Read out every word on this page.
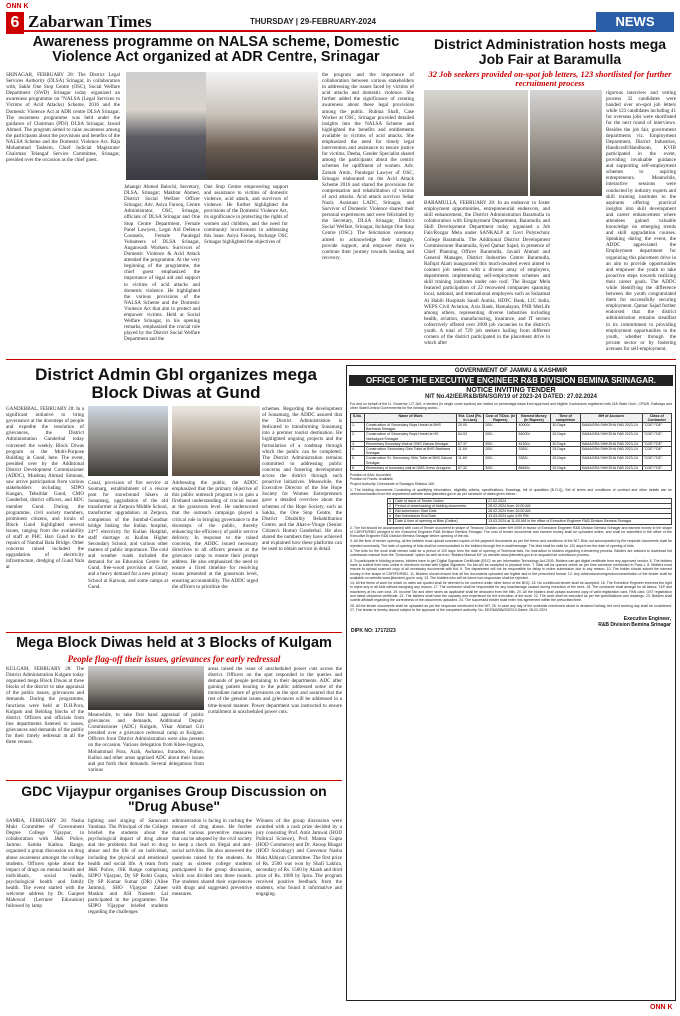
ONN K
6 Zabarwan Times	THURSDAY | 29-FEBRUARY-2024	NEWS
Awareness programme on NALSA scheme, Domestic Violence Act organized at ADR Centre, Srinagar
SRINAGAR, FEBRUARY 28: The District Legal Services Authority (DLSA) Srinagar, in collaboration with, Sakhi One Stop Centre (OSC), Social Welfare Department (SWD) Srinagar today organized an awareness programme on "NALSA (Legal Services to Victims of Acid Attacks) Scheme, 2016 and the Domestic Violence Act at ADR centre DLSA Srinagar. The awareness programme was held under the guidance of Chairman (PDJ) DLSA Srinagar, Jawad Ahmed. The program aimed to raise awareness among the participants about the provisions and benefits of the NALSA Scheme and the Domestic Violence Act. Raja Mohammad Tasleem, Chief Judicial Magistrate/ Chairman Telangaf Service Committee, Srinagar, presided over the occasion as the chief guest.
Jahangir Ahmed Balochi, Secretary, DLSA, Srinagar; Makhtar Ahmed, District Social Welfare Officer Srinagar; Adv. Asiya Farooq, Centre Administrator, OSC, Srinagar, officials of DLSA Srinagar and One Stop Centre Department, Female Panel Lawyers, Legal Aid Defence Counsels, Female Paralegal Volunteers of DLSA Srinagar, Anganwadi Workers. Survivors of Domestic Violence & Acid Attack attended the programme. At the very beginning of the programme, the chief guest emphasized the importance of legal aid and support to victims of acid attacks and domestic violence. He highlighted the various provisions of the NALSA Scheme and the Domestic Violence Act that aim to protect and empower victims. Held at Social Welfare Srinagar, in his opening remarks, emphasized the crucial role played by the District Social Welfare Department and the
One Stop Centre empowering support and assistance to victims of domestic violence, acid attack, and survivors of violence. He further highlighted the provisions of the Domestic Violence Act, its significance in protecting the rights of women and children, and the need for community involvement in addressing this issue. Asiya Farooq, Incharge OSC Srinagar highlighted the objectives of
the program and the importance of collaboration between various stakeholders in addressing the issues faced by victims of acid attacks and domestic violence. She further added the significance of creating awareness about these legal provisions among the public. Rubina Shafi, Case Worker at OSC, Srinagar provided detailed insights into the NALSA Scheme and highlighted the benefits and entitlements available to victims of acid attacks. She emphasized the need for timely legal intervention and assistance to ensure justice for victims. Deeba, Gender Specialist shared among the participants about the centric schemes for upliftment of women. Adv. Zainab Amin, Paralegal Lawyer of OSC, Srinagar elaborated on the Acid Attack Scheme 2016 and shared the provisions for compensation and rehabilitation of victims of acid attacks. Acid attack survivor Sehar Nazir, Assistant LADC, Srinagar, and Survivor of Domestic Violence shared their personal experiences and were felicitated by the Secretary, DLSA Srinagar, District Social Welfare, Srinagar, Incharge One Stop Centre (OSC). The felicitation ceremony aimed to acknowledge their struggle, provide support, and empower them to continue their journey towards healing and recovery.
District Administration hosts mega Job Fair at Baramulla
32 Job seekers provided on-spot job letters, 123 shortlisted for further recruitment process
BARAMULLA, FEBRUARY 28: In an endeavor to foster employment opportunities, entrepreneurial endeavors, and skill enhancement, the District Administration Baramulla in collaboration with Employment Department, Baramulla and Skill Development Department today organised a Job Fair/Rozgar Mela under SANKALP at Govt Polytechnic College Baramulla. The Additional District Development Commissioner Baramulla, Syed Qamar Sajad, in presence of Chief Planning Officer Baramulla, Javaid Ahmad and General Manager, District Industries Centre Baramulla, Rafiqat Alam inaugurated this much-awaited event aimed to connect job seekers with a diverse array of employers, departments implementing self-employment schemes and skill training institutes under one roof. The Rozgar Mela featured participation of 22 renowned companies spanning local, national, and international employers such as Sulzamat Al Habib Hospitals Saudi Arabia, HDFC Bank, LIC India, WEPS Civil Aviation, Axis Bank, Hamalayan, PNB MetLife among others, representing diverse industries including health, aviation, manufacturing, insurance, and IT sectors collectively offered over 2000 job vacancies to the district's youth. A total of 729 job seekers hailing from different corners of the district participated in the placement drive in which after
rigorous interview and vetting process 32 candidates were handed over on-spot job letters while 123 candidates including 41 for overseas jobs were shortlisted for the next round of interviews. Besides the job fair, government departments viz. Employment Department, District Industries, Handicraft/Handloom, KVIB participated in the event, providing invaluable guidance and supporting self-employment schemes to aspiring entrepreneurs. Meanwhile, interactive sessions were conducted by industry experts and skill training institutes to the aspirants offering practical insights into skill development and career enhancement where attendees gained valuable knowledge on emerging trends and skill upgradation courses. Speaking during the event, the ADDC appreciated the Employment department for organizing this placement drive in an aim to provide opportunities and empower the youth to take proactive steps towards realizing their career goals. The ADDC while identifying the difference between the youth congratulated them for successfully securing employment. Qamar Sajad further endorsed that the district administration remains steadfast in its commitment to providing employment opportunities to the youth, whether through the private sector or by fostering avenues for self-employment.
District Admin Gbl organizes mega Block Diwas at Gund
GANDERBAL, FEBRUARY 28: In a significant initiative to bring governance at the doorsteps of people and expedite the resolution of grievances, the District Administration Ganderbal today convened the weekly Block Diwas program at the Multi-Purpose Building in Gund, here. The event, presided over by the Additional District Development Commissioner (ADDC), Mushtaq Ahmad Simnani, saw active participation from various stakeholders including SDPO Kangan, Tehsildar Gund, CMO Ganderbal, district officers, and BDC member Gund. During the programme, civil society members, prominent citizens, and locals of Block Gund highlighted several issues, ranging from the availability of staff at PHC Hari Gund to the repairs of Nambal Bala Bridge. Other concerns raised included the upgradation of electricity infrastructure, dredging of Gund Nala at
Canal, provision of fire service at Soumarg, establishment of a rescue post for snowbound hikers at Sonamarg, upgradation of the old transformer at Zerpora Middle School, transformer upgradation at Zerpora, completion of the Sumbal-Gundnar bridge linking the Indian hospital, 24*7 electricity for Kullan Hospital, staff shortage at Kullan Higher Secondary School, and various other matters of public importance. The cold and weather roads included the demand for an Education Centre for Gund, free-wood provision at Gund, and a heavy demand for a new primary School at Karwan, and some camps at Gund.
Addressing the public, the ADDC emphasized that the primary objective of this public outreach program is to gain a firsthand understanding of crucial issues at the grassroots level. He underscored that the outreach campaign played a critical role in bringing governance to the doorsteps of the public, thereby enhancing the efficiency of public service delivery. In response to the raised concerns, the ADDC issued necessary directives to all officers present at the grievance camp to ensure their prompt address. He also emphasized the need to ensure a fixed timeline for resolving issues presented at the grassroots level, ensuring accountability. The ADDC urged the officers to prioritize the
schemes. Regarding the development of Sonamarg, the ADDC assured that the District Administration is dedicated to transforming Sonamarg into a premier tourist destination. He highlighted ongoing projects and the formulation of a roadmap through which the public can be completed. The District Administration remains committed to addressing public concerns and fostering development across the district through such proactive initiatives. Meanwhile, the Executive Director of the She Hope Society for Women Entrepreneurs gave a detailed overview about the schemes of the Hope Society, such as Sakha, the One Stop Centre, the District Disability Rehabilitation Centre, and the Ahat-e-Virage (Senior Citizen's Home) Ganderbal. He also shared the numbers they have achieved and explained how these platforms can be used to obtain service in detail.
Mega Block Diwas held at 3 Blocks of Kulgam
People flag-off their issues, grievances for early redressal
KULGAM, FEBRUARY 28: The District Administration Kulgam today organised mega Block Diwas at three blocks of the district to take appraisal of the public issues, grievances and demands. During the programme, functions were held at D.H.Pora, Kulgam and Behibag blocks of the district. Officers and officials from line departments listened to issues, grievances and demands of the public for their timely redressal at all the three venues.
Meanwhile, to take first hand appraisal of public grievances and demands, Additional Deputy Commissioner (ADC) Kulgam, Vikar Ahmad Giri presided over a grievance redressal camp at Kulgam. Officers from District Administration were also present on the occasion. Various delegation from Khee-Jogpora, Mohammad Pora, Arah, Awhatoo, Iraradoo, Palloo, Kalloo and other areas apprised ADC about their issues and put forth their demands. Several delegations from various
areas raised the issue of unscheduled power cuts across the district. Officers on the spot responded to the queries and demands of people pertaining to their departments. ADC after gaining patient hearing to the public addressed some of the immediate nature of grievances on the spot and assured that the rest of the genuine issues and grievances will be addressed in a time-bound manner. Power department was instructed to ensure curtailment in unscheduled power cuts.
GDC Vijaypur organises Group Discussion on "Drug Abuse"
SAMBA, FEBRUARY 28: Nasha Mukt Committee of Government Degree College Vijaypur, in collaboration with J&K Police, Jammu Samba Kathua Range, organized a group discussion on drug abuse awareness amongst the college students. Officers spoke about the impact of drugs on mental health and individuals, social health, psychological health and family health. The event started with the welcome address by Dr. Ganjeet Mahowal (Lecturer Education) followed by lamp
lighting and singing of Saraswati Vandana. The Principal of the College briefed the students about the psychological impact of drug abuse and the problems that lead to drug abuse and the life of an individual, including the physical and emotional health and social life. A team from J&K Police, JSK Range comprising SDPO Vijaypur, Dy SP Rohit Gupta, Dy SP Kumar Sumar (DR) (Ailee Jammu), SHO Vijaypur Zaheer Maskin and ASI Nazeem Lal participated in the programme. The SDPO Vijaypur briefed students regarding the challenges
administration is facing in curbing the menace of drug abuse. He further shared various preventive measures that can be adopted by the civil society to keep a check on illegal and anti-social activities. He also answered the questions raised by the students. As many as sixteen college students participated in the group discussion, which was divided into three rounds. The students shared their experiences with drugs and suggested preventive measures.
Winners of the group discussion were awarded with a cash prize decided by a jury consisting Prof. Amit Jamwal (HOD Political Science), Prof. Mamta Gupta (HOD Commerce) and Dr. Anoop Bhagat (HOD Sociology) and Convenor Nasha Mukt Abhiyan Committee. The first prize of Rs. 2500 was won by Shafi Lakhra, secondary of Rs. 1500 by Akash and third prize of Rs. 1000 by Ipira. The program received positive feedback from the students, who found it informative and engaging.
GOVERNMENT OF JAMMU & KASHMIR
OFFICE OF THE EXECUTIVE ENGINEER R&B DIVISION BEMINA SRINAGAR.
NOTICE INVITING TENDER
NIT No.42/EE/R&B/BN/SGR/19 of 2023-24 DATED: 27.02.2024
For and on behalf of the Lt. Governor, UT J&K, e-tenders (in single cover system) are invited on percentage basis from approved and eligible Contractors registered with J&K State Govt., CPWD, Railways and other State/Central Governments for the following works:-
S.No.	Name of Work	Est. Cost (Rs. in Lacs)	Cost of T/Doc. (In Rupees)	Earnest Money (In Rupees)	Time of completion	MH of Account	Class of Contractor
1.	Construction of Secondary Boys Hostel at BHS Barthana Srinagar.	20.00	200/-	40000/-	30 Days	SAMAGRA SHIKSHA FAB 2023-24	"CDE"/"DE"
2.	Construction of Secondary Boys Hostel at HS Narbalguni Srinagar.	64.53	200/-	64000/-	30 Days	SAMAGRA SHIKSHA FAB 2023-24	"CDE"/"DE"
3.	Elementary Boundary Wall at GMS Zakura Srinagar.	67.37	300/-	81300/-	30 Days	SAMAGRA SHIKSHA FAB 2023-24	"CDE"/"DE"
4.	Construction Secondary Girls Toilet at BHS Barthana Srinagar.	11.69	200/-	3383/-	25 Days	SAMAGRA SHIKSHA FAB 2023-24	"CDE"/"DE"
5.	Construction Sr. Secondary Girls Toilet at BHS Zakura Srinagar.	11.69	200/-	3383/-	25 Days	SAMAGRA SHIKSHA FAB 2023-24	"CDE"/"DE"
6.	Elementary of boundary wall at GMS Grevu Anugund	67.32	300/-	86645/-	30 Days	SAMAGRA SHIKSHA FAB 2023-24	"CDE"/"DE"
Position of AAA: Accorded
Position of Funds: Available
Project Authority: Directorate of Samagra Shiksha J&K.
1. The bidding documents Consisting of qualifying information, eligibility criteria, specifications, Drawings, bill of quantities (B.O.Q), Set of terms and conditions of contract and other details can be seen/downloaded from the department website www.jktenders.gov.in as per schedule of dates given below:-
1	Date of Issue of Tender Notice	27.02.2024
2	Period of downloading of bidding documents	28.02.2024 from 10:00 AM
3	Bid submission Start Date	28.02.2024 from 10:00 AM
4	Bid Submission End Date	13.03.2024 upto 4:00 PM
5	Date & time of opening of Bids (Online)	13.03.2024 at 11:00 AM in the office of Executive Engineer R&B Division Bemina Srinagar.
2. The bid should be accompanied with cost of Tender document in shape of Treasury Challan under MH 0059 in favour of Executive Engineer R&B Division Bemina Srinagar and earnest money in the shape of CDR/FDR/BG pledged to the Executive Engineer R&B Division Bemina Srinagar. The cost of tender documents and earnest money shall be uploaded online, and shall be submitted in the office of the Executive Engineer R&B Division Bemina Srinagar before opening of the bid.
3. All the time of tender opening, all the bidders must upload scanned copies of the payment documents as per the terms and conditions of the NIT. Bids not accompanied by the requisite documents shall be rejected summarily. The date of opening of bids shall be communicated to the bidders through the e-mail/message. The bids shall be valid for 120 days from the date of opening of bids.
4. The bids for the work shall remain valid for a period of 120 days from the date of opening of Technical bids. No Instruction to bidders regarding e-tendering process. Bidders are advised to download bid submission manual from the "Downloads" option as well as from "Bidders Manual Kit" on website www.jktenders.gov.in to acquaint bid submission process.
5. To participate in bidding process, bidders have to get 'Digital Signature Certificate (DSC)' as per Information Technology Act-2000. Bidders can get digital certificate from any approved vendor. 6. The bidders have to submit their bids online in electronic format with Digital Signature. No bid will be accepted in physical form. 7. Bids will be opened online as per time schedule mentioned in Para-1. 8. Bidders must ensure to upload scanned copy of all necessary documents with bid. 9. The department will not be responsible for delay in online submission due to any reason. 10. The bidder should submit the earnest money in the shape of CDR/FDR/BG. 11. Bidders should ensure that all the documents uploaded are legible and in the prescribed format. 12. Any addendum/corrigendum/cancellation of the tender shall be available on website www.jktenders.gov.in only. 13. The bidders who will be found non-responsive shall be rejected.
14. All the items of work for which no rates are quoted shall be deemed to be covered under other items of the BOQ. 15. No conditional tender shall be accepted. 16. The Executive Engineer reserves the right to reject any or all bids without assigning any reason. 17. The contractor shall be responsible for any loss/damage caused during execution of the work. 18. The contractor shall arrange for all labour, T&P and machinery at his own cost. 19. Income Tax and other taxes as applicable shall be deducted from the bills. 20. All the bidders shall upload scanned copy of valid registration card, PAN card, GST registration and latest clearance certificate. 21. The bidders shall have the capacity and experience for the execution of the work. 22. The work shall be executed as per the specifications and drawings. 23. Bidders shall submit affidavit regarding the correctness of the documents uploaded. 24. The successful bidder shall enter into agreement within the prescribed time.
25. All the tender documents shall be uploaded as per the sequence mentioned in the NIT. 26. In case any day of the schedule mentioned above is declared holiday, the next working day shall be considered. 27. The tender is hereby issued subject to the approval of the competent authority. No. EE/R&B/BN/SGR/19 Dated: 28-02-2024
Executive Engineer,
R&B Division Bemina Srinagar
DIPK NO: 17172/23
ONN K
